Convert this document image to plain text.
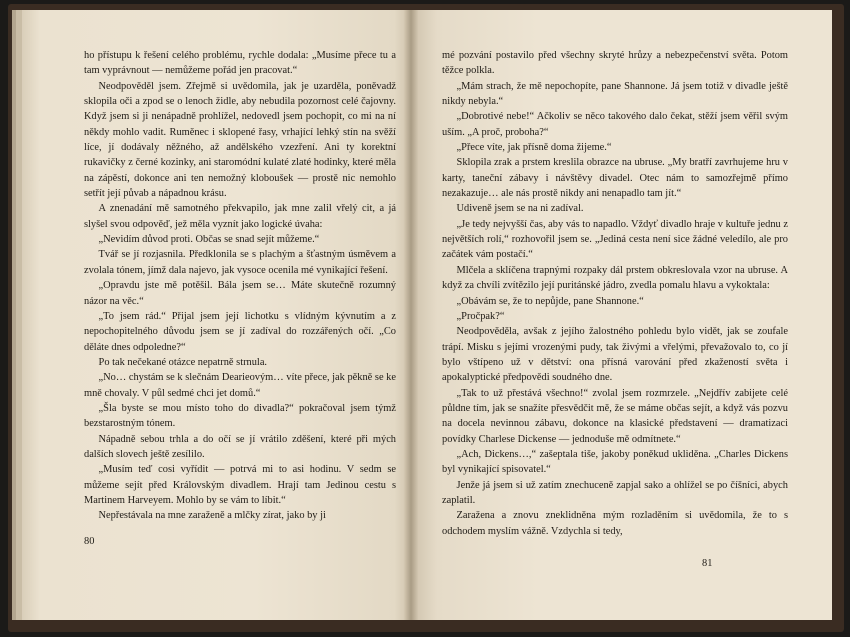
ho přístupu k řešení celého problému, rychle dodala: „Musíme přece tu a tam vyprávnout — nemůžeme pořád jen pracovat.“

Neodpověděl jsem. Zřejmě si uvědomila, jak je uzarděla, poněvadž sklopila oči a zpod se o lenoch židle, aby nebudila pozornost celé čajovny. Když jsem si ji nenápadně prohlížel, nedovedl jsem pochopit, co mi na ní někdy mohlo vadit. Ruměnec i sklopené řasy, vrhající lehký stín na svěží líce, jí dodávaly něžného, až andělského vzezření. Ani ty korektní rukavičky z černé kozinky, ani staromódní kulaté zlaté hodinky, které měla na zápěstí, dokonce ani ten nemožný kloboušek — prostě nic nemohlo setřít její půvab a nápadnou krásu.

A znenadání mě samotného překvapilo, jak mne zalil vřelý cit, a já slyšel svou odpověď, jež měla vyznít jako logické úvaha:

„Nevidím důvod proti. Občas se snad sejít můžeme.“

Tvář se jí rozjasnila. Předklonila se s plachým a šťastným úsměvem a zvolala tónem, jímž dala najevo, jak vysoce ocenila mé vynikající řešení.

„Opravdu jste mě potěšil. Bála jsem se… Máte skutečně rozumný názor na věc.“

„To jsem rád.“ Přijal jsem její lichotku s vlídným kývnutím a z nepochopitelného důvodu jsem se jí zadíval do rozzářených očí. „Co děláte dnes odpoledne?“

Po tak nečekané otázce nepatrně strnula.

„No… chystám se k slečnám Dearieovým… víte přece, jak pěkně se ke mně chovaly. V půl sedmé chci jet domů.“

„Šla byste se mou místo toho do divadla?“ pokračoval jsem týmž bezstarostným tónem.

Nápadně sebou trhla a do očí se jí vrátilo zděšení, které při mých dalších slovech ještě zesílilo.

„Musím teď cosi vyřídit — potrvá mi to asi hodinu. V sedm se můžeme sejít před Královským divadlem. Hrají tam Jedinou cestu s Martinem Harveyem. Mohlo by se vám to líbit.“

Nepřestávala na mne zaraženě a mlčky zírat, jako by ji

80

mé pozvání postavilo před všechny skryté hrůzy a nebezpečenství světa. Potom těžce polkla.

„Mám strach, že mě nepochopíte, pane Shannone. Já jsem totiž v divadle ještě nikdy nebyla.“

„Dobrotivé nebe!“ Ačkoliv se něco takového dalo čekat, stěží jsem věřil svým uším. „A proč, proboha?“

„Přece víte, jak přísně doma žijeme.“

Sklopila zrak a prstem kreslila obrazce na ubruse. „My bratří zavrhujeme hru v karty, taneční zábavy i návštěvy divadel. Otec nám to samozřejmě přímo nezakazuje… ale nás prostě nikdy ani nenapadlo tam jít.“

Udiveně jsem se na ni zadíval.

„Je tedy nejvyšší čas, aby vás to napadlo. Vždyť divadlo hraje v kultuře jednu z největších rolí,“ rozhovořil jsem se. „Jediná cesta není sice žádné veledílo, ale pro začátek vám postačí.“

Mlčela a sklíčena trapnými rozpaky dál prstem obkreslovala vzor na ubruse. A když za chvíli zvítězilo její puritánské jádro, zvedla pomalu hlavu a vykoktala:

„Obávám se, že to nepůjde, pane Shannone.“

„Pročpak?“

Neodpověděla, avšak z jejího žalostného pohledu bylo vidět, jak se zoufale trápí. Misku s jejími vrozenými pudy, tak živými a vřelými, převažovalo to, co jí bylo vštípeno už v dětství: ona přísná varování před zkažeností světa i apokalyptické předpovědi soudného dne.

„Tak to už přestává všechno!“ zvolal jsem rozmrzele. „Nejdřív zabijete celé půldne tím, jak se snažíte přesvědčit mě, že se máme občas sejít, a když vás pozvu na docela nevinnou zábavu, dokonce na klasické představení — dramatizaci povídky Charlese Dickense — jednoduše mě odmítnete.“

„Ach, Dickens…,“ zašeptala tiše, jakoby poněkud ukliděna. „Charles Dickens byl vynikající spisovatel.“

Jenže já jsem si už zatím znechuceně zapjal sako a ohlížel se po číšníci, abych zaplatil.

Zaražena a znovu zneklidněna mým rozladěním si uvědomila, že to s odchodem myslím vážně. Vzdychla si tedy,

81
